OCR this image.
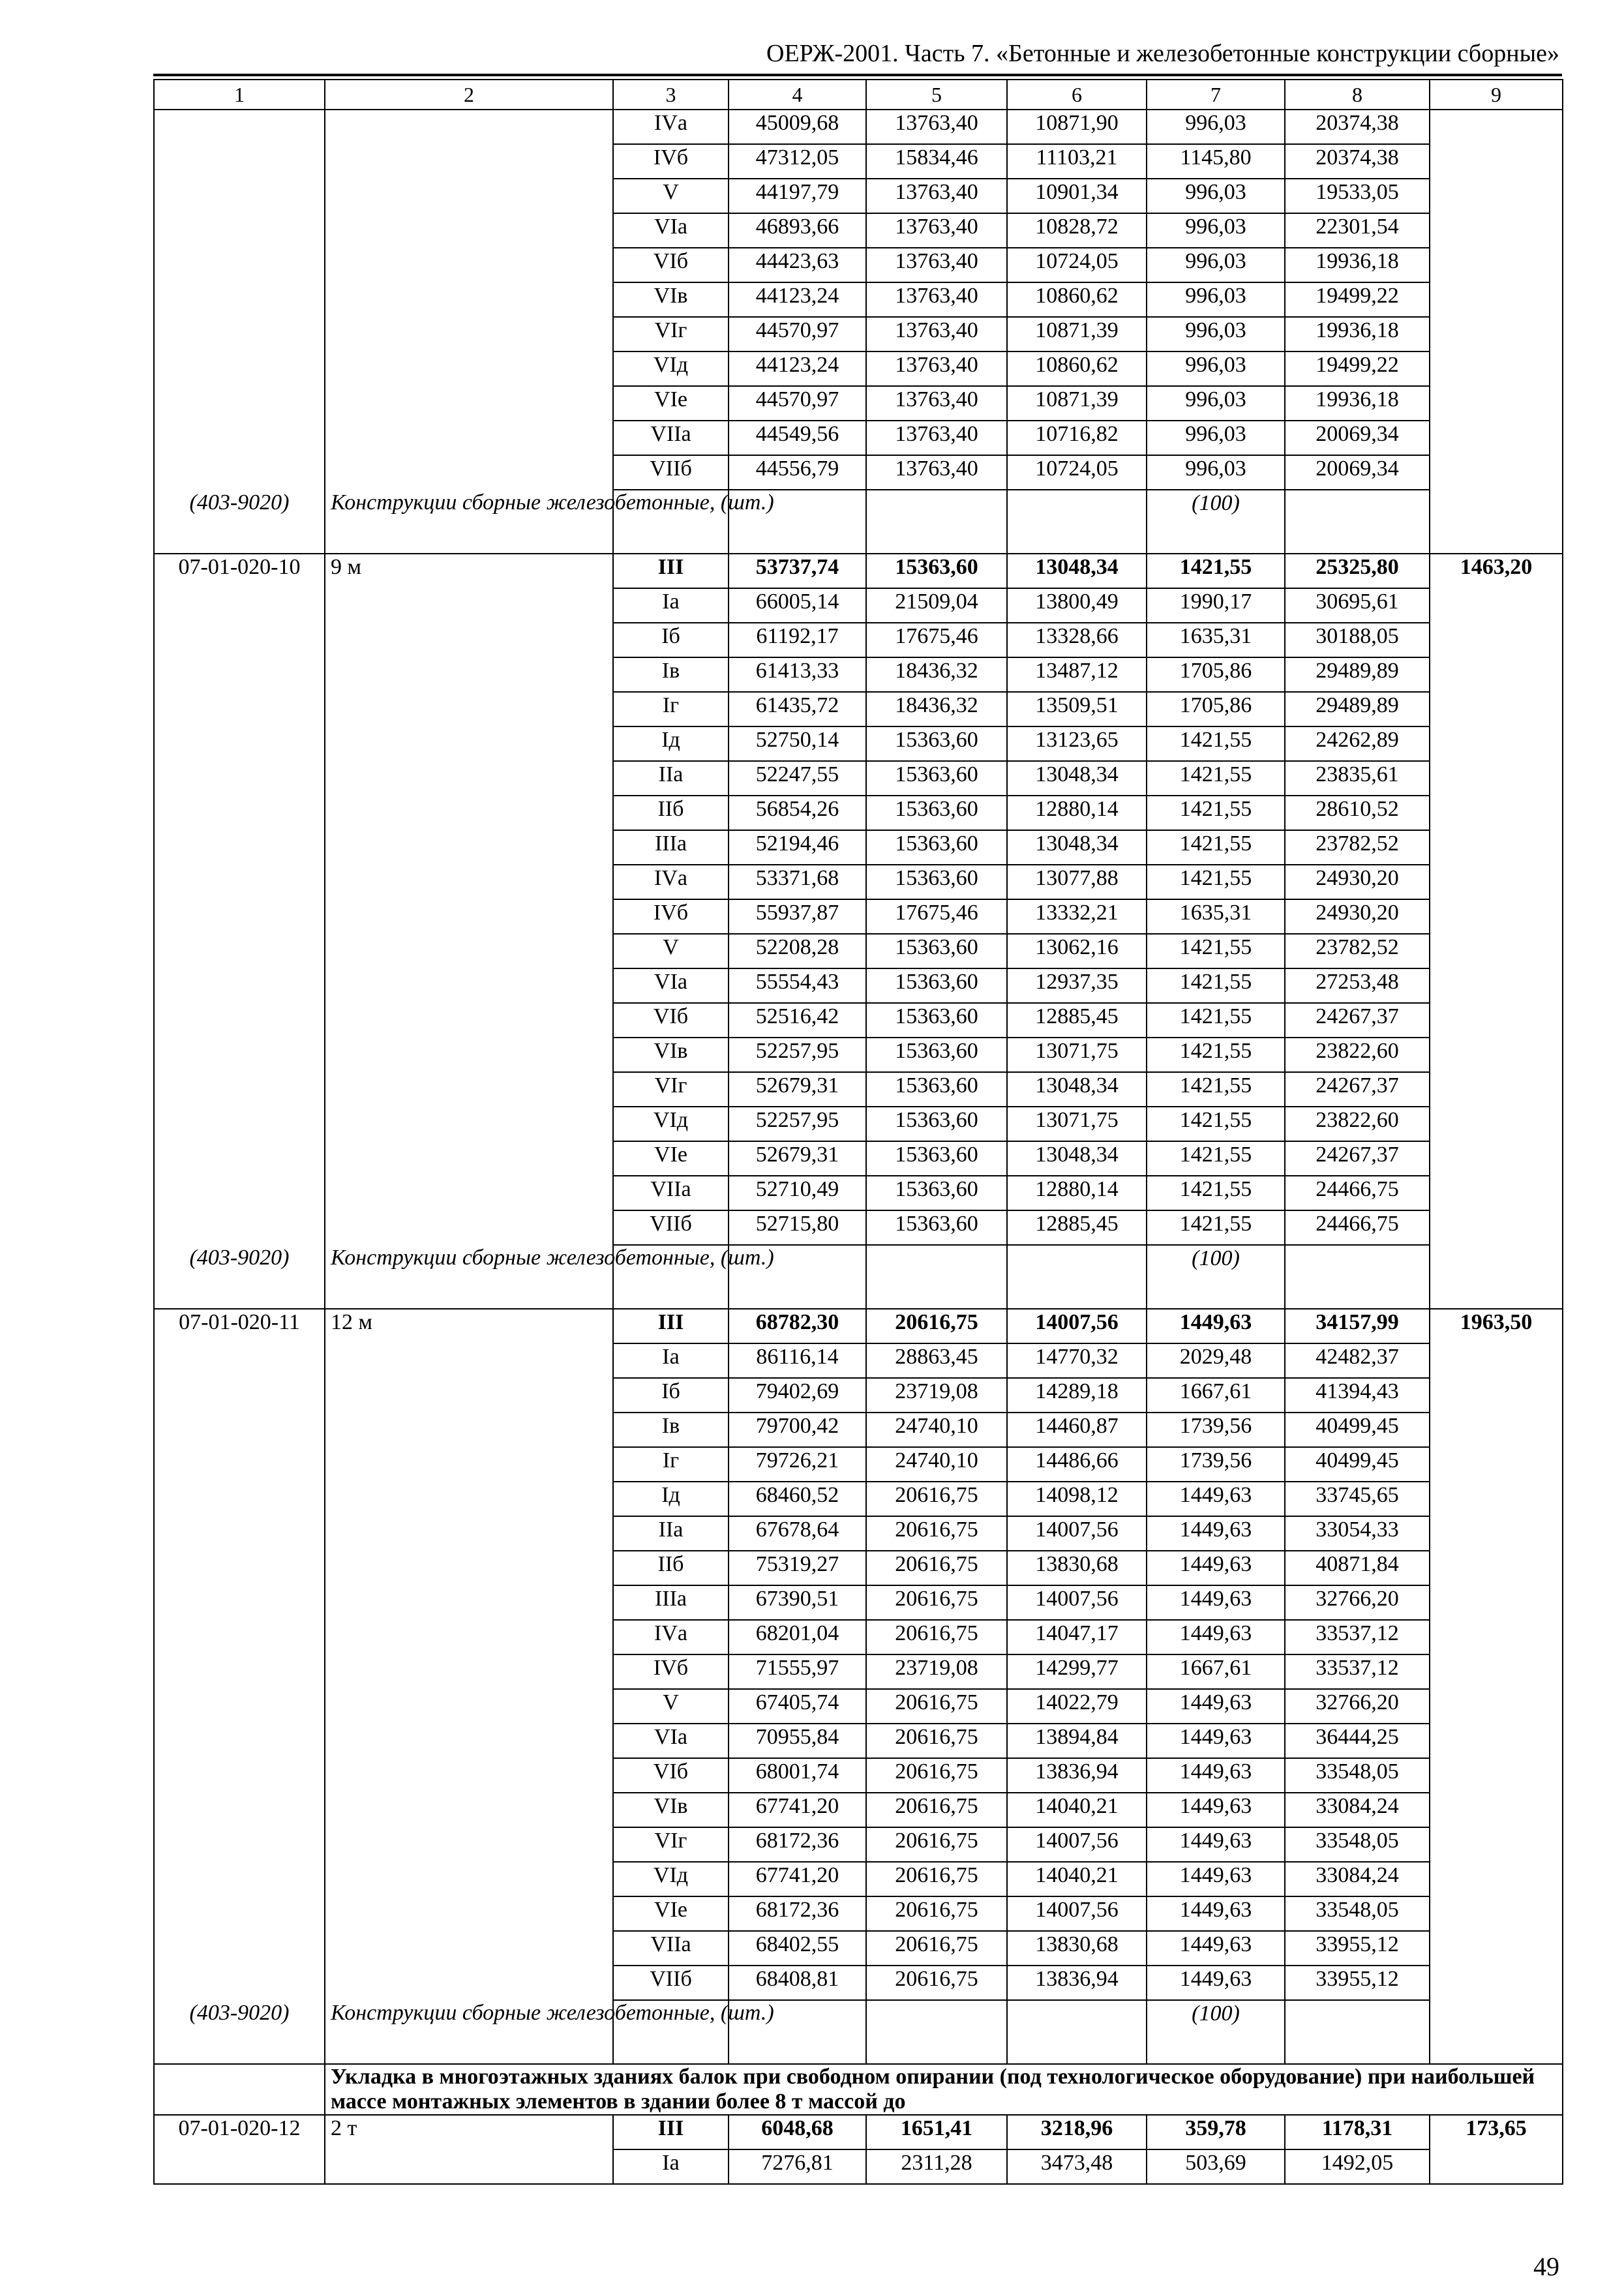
ОЕРЖ-2001. Часть 7. «Бетонные и железобетонные конструкции сборные»
1	2	3	4	5	6	7	8	9
		IVа	45009,68	13763,40	10871,90	996,03	20374,38	
		IVб	47312,05	15834,46	11103,21	1145,80	20374,38	
		V	44197,79	13763,40	10901,34	996,03	19533,05	
		VIа	46893,66	13763,40	10828,72	996,03	22301,54	
		VIб	44423,63	13763,40	10724,05	996,03	19936,18	
		VIв	44123,24	13763,40	10860,62	996,03	19499,22	
		VIг	44570,97	13763,40	10871,39	996,03	19936,18	
		VIд	44123,24	13763,40	10860,62	996,03	19499,22	
		VIе	44570,97	13763,40	10871,39	996,03	19936,18	
		VIIа	44549,56	13763,40	10716,82	996,03	20069,34	
		VIIб	44556,79	13763,40	10724,05	996,03	20069,34	
(403-9020)	Конструкции сборные железобетонные, (шт.)					(100)		
07-01-020-10	9 м	III	53737,74	15363,60	13048,34	1421,55	25325,80	1463,20
		Iа	66005,14	21509,04	13800,49	1990,17	30695,61	
		Iб	61192,17	17675,46	13328,66	1635,31	30188,05	
		Iв	61413,33	18436,32	13487,12	1705,86	29489,89	
		Iг	61435,72	18436,32	13509,51	1705,86	29489,89	
		Iд	52750,14	15363,60	13123,65	1421,55	24262,89	
		IIа	52247,55	15363,60	13048,34	1421,55	23835,61	
		IIб	56854,26	15363,60	12880,14	1421,55	28610,52	
		IIIа	52194,46	15363,60	13048,34	1421,55	23782,52	
		IVа	53371,68	15363,60	13077,88	1421,55	24930,20	
		IVб	55937,87	17675,46	13332,21	1635,31	24930,20	
		V	52208,28	15363,60	13062,16	1421,55	23782,52	
		VIа	55554,43	15363,60	12937,35	1421,55	27253,48	
		VIб	52516,42	15363,60	12885,45	1421,55	24267,37	
		VIв	52257,95	15363,60	13071,75	1421,55	23822,60	
		VIг	52679,31	15363,60	13048,34	1421,55	24267,37	
		VIд	52257,95	15363,60	13071,75	1421,55	23822,60	
		VIе	52679,31	15363,60	13048,34	1421,55	24267,37	
		VIIа	52710,49	15363,60	12880,14	1421,55	24466,75	
		VIIб	52715,80	15363,60	12885,45	1421,55	24466,75	
(403-9020)	Конструкции сборные железобетонные, (шт.)					(100)		
07-01-020-11	12 м	III	68782,30	20616,75	14007,56	1449,63	34157,99	1963,50
		Iа	86116,14	28863,45	14770,32	2029,48	42482,37	
		Iб	79402,69	23719,08	14289,18	1667,61	41394,43	
		Iв	79700,42	24740,10	14460,87	1739,56	40499,45	
		Iг	79726,21	24740,10	14486,66	1739,56	40499,45	
		Iд	68460,52	20616,75	14098,12	1449,63	33745,65	
		IIа	67678,64	20616,75	14007,56	1449,63	33054,33	
		IIб	75319,27	20616,75	13830,68	1449,63	40871,84	
		IIIа	67390,51	20616,75	14007,56	1449,63	32766,20	
		IVа	68201,04	20616,75	14047,17	1449,63	33537,12	
		IVб	71555,97	23719,08	14299,77	1667,61	33537,12	
		V	67405,74	20616,75	14022,79	1449,63	32766,20	
		VIа	70955,84	20616,75	13894,84	1449,63	36444,25	
		VIб	68001,74	20616,75	13836,94	1449,63	33548,05	
		VIв	67741,20	20616,75	14040,21	1449,63	33084,24	
		VIг	68172,36	20616,75	14007,56	1449,63	33548,05	
		VIд	67741,20	20616,75	14040,21	1449,63	33084,24	
		VIе	68172,36	20616,75	14007,56	1449,63	33548,05	
		VIIа	68402,55	20616,75	13830,68	1449,63	33955,12	
		VIIб	68408,81	20616,75	13836,94	1449,63	33955,12	
(403-9020)	Конструкции сборные железобетонные, (шт.)					(100)		
	Укладка в многоэтажных зданиях балок при свободном опирании (под технологическое оборудование) при наибольшей массе монтажных элементов в здании более 8 т массой до							
07-01-020-12	2 т	III	6048,68	1651,41	3218,96	359,78	1178,31	173,65
		Iа	7276,81	2311,28	3473,48	503,69	1492,05	
49
